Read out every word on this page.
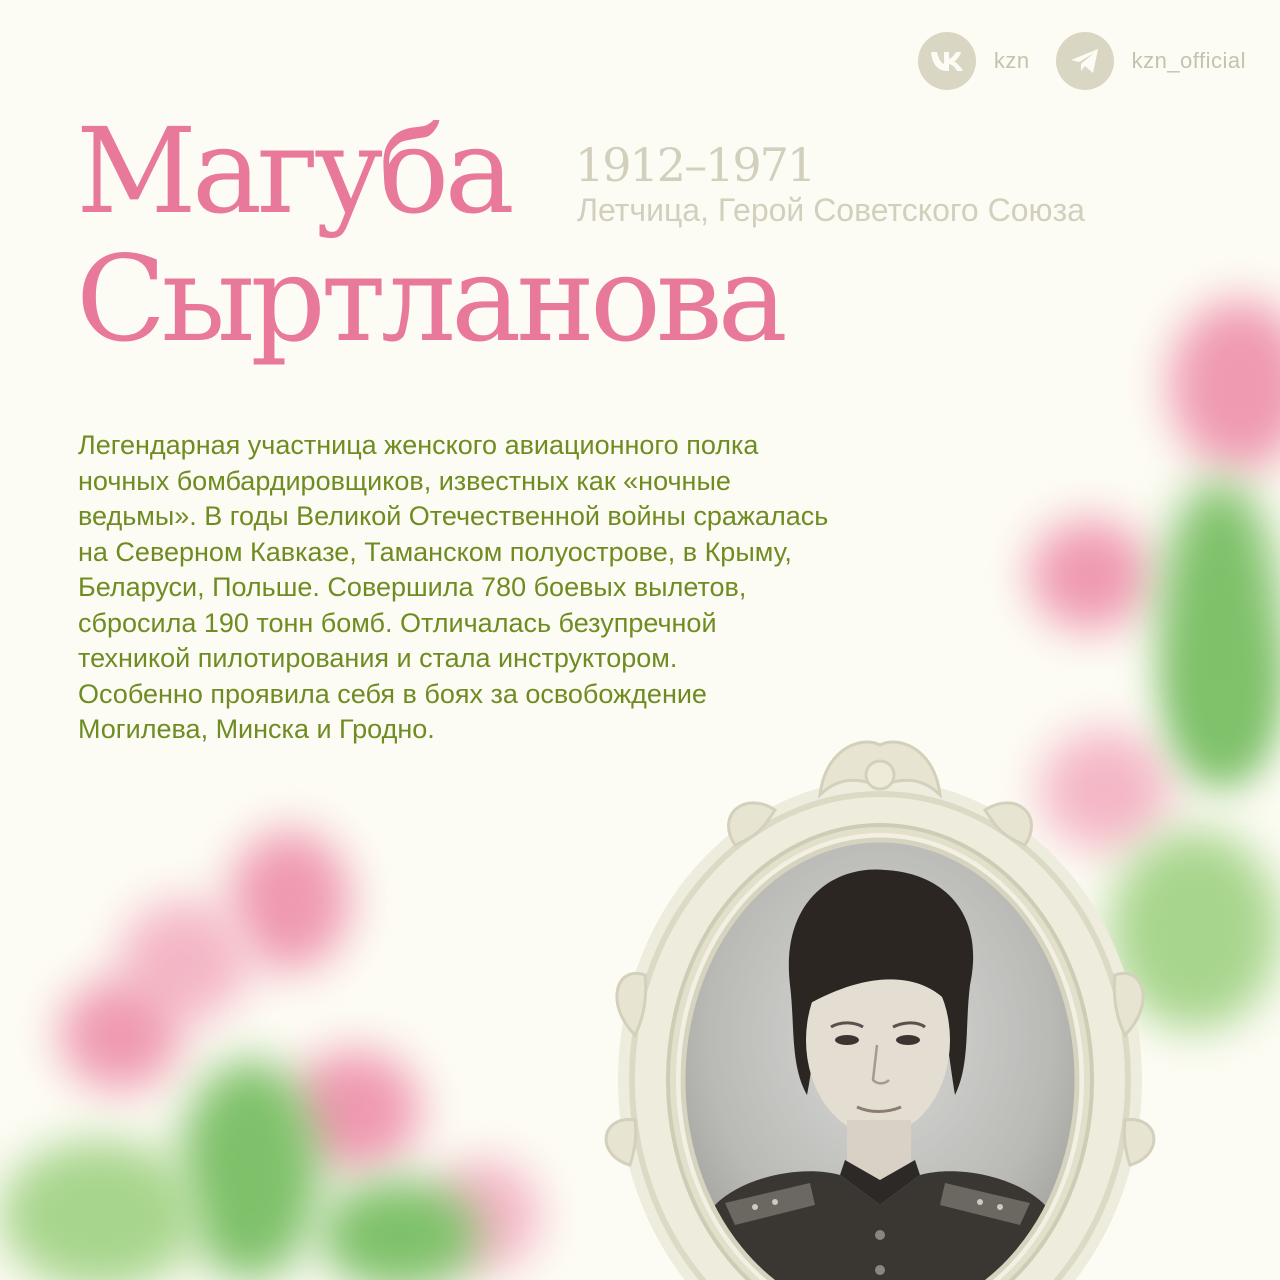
kzn	kzn_official
Магуба
Сыртланова
1912–1971
Летчица, Герой Советского Союза
Легендарная участница женского авиационного полка
ночных бомбардировщиков, известных как «ночные
ведьмы». В годы Великой Отечественной войны сражалась
на Северном Кавказе, Таманском полуострове, в Крыму,
Беларуси, Польше. Совершила 780 боевых вылетов,
сбросила 190 тонн бомб. Отличалась безупречной
техникой пилотирования и стала инструктором.
Особенно проявила себя в боях за освобождение
Могилева, Минска и Гродно.
